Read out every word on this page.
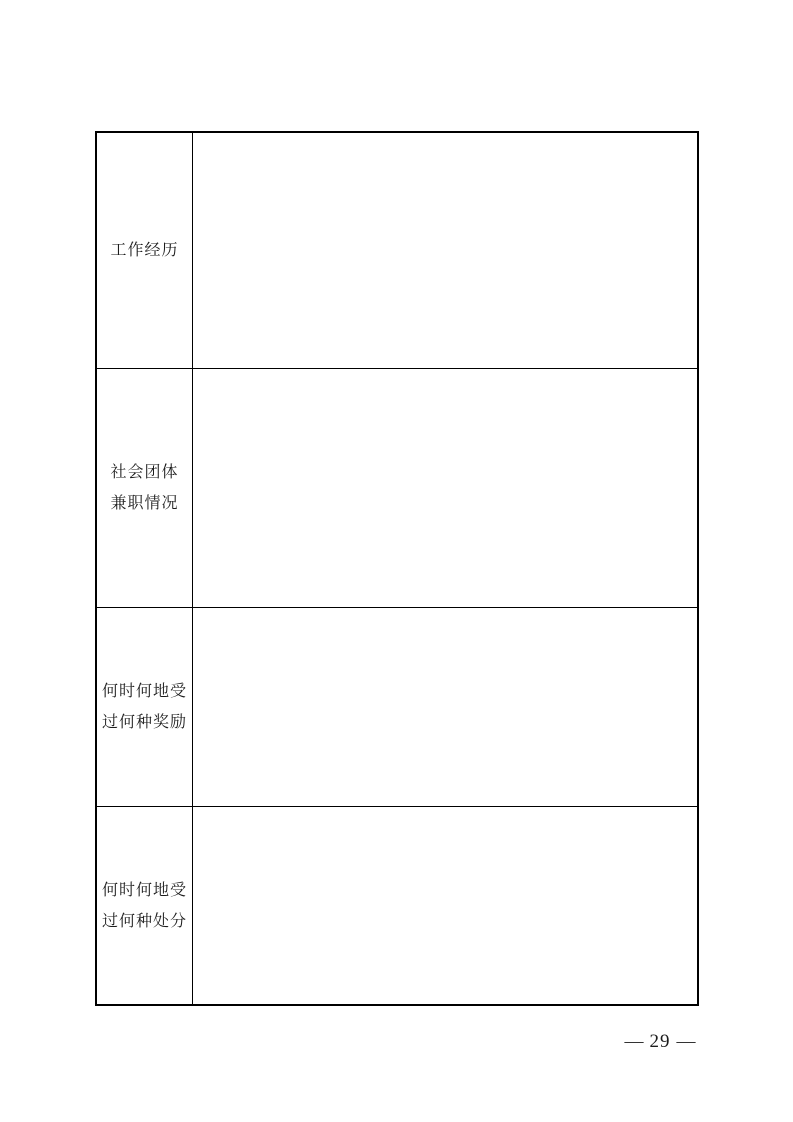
工作经历
社会团体
兼职情况
何时何地受
过何种奖励
何时何地受
过何种处分
— 29 —
